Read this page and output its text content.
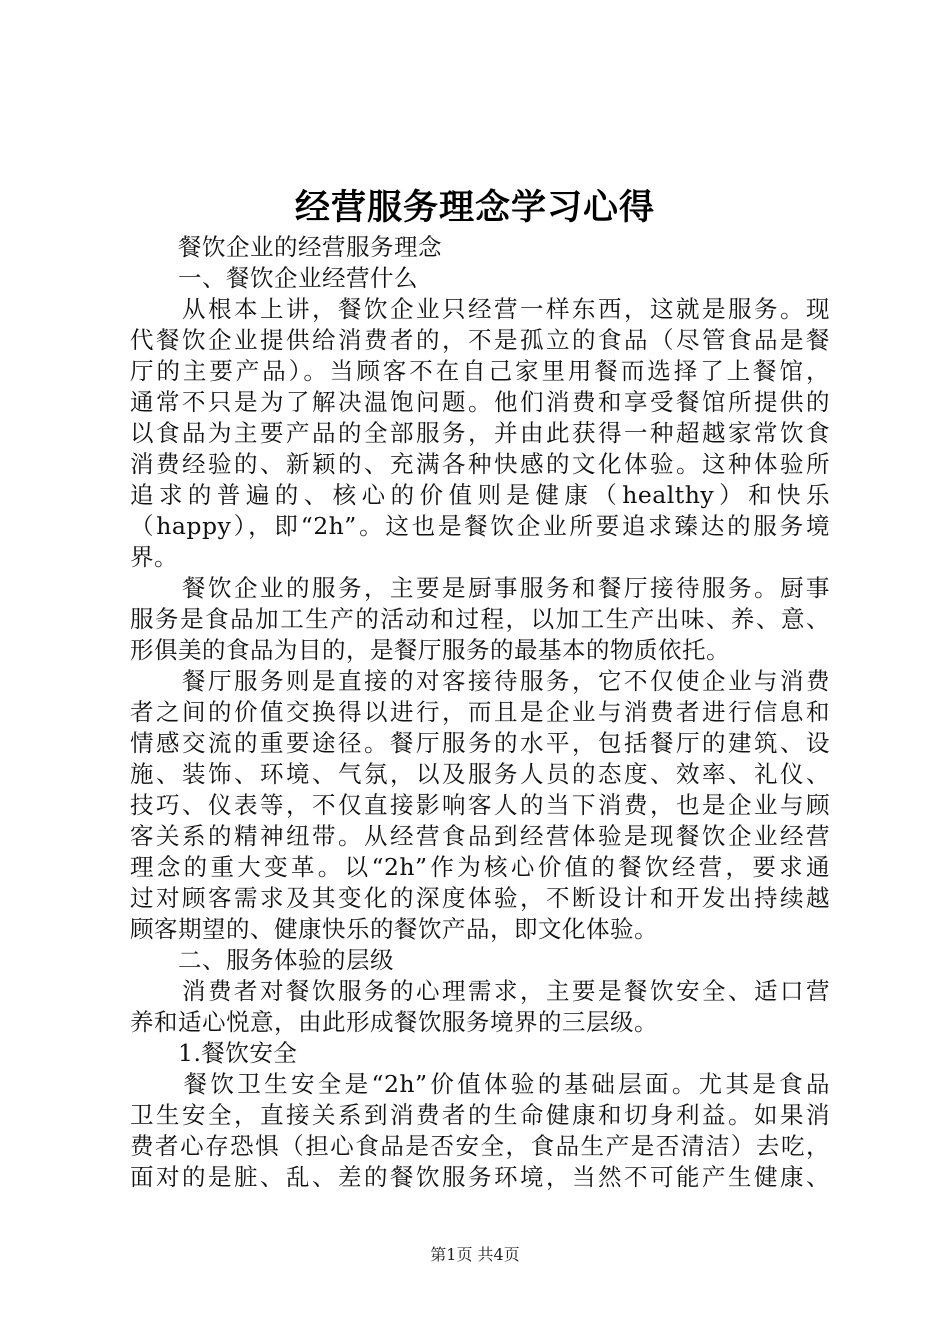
经营服务理念学习心得
　　餐饮企业的经营服务理念
　　一、餐饮企业经营什么
　　从根本上讲，餐饮企业只经营一样东西，这就是服务。现
代餐饮企业提供给消费者的，不是孤立的食品（尽管食品是餐
厅的主要产品）。当顾客不在自己家里用餐而选择了上餐馆，
通常不只是为了解决温饱问题。他们消费和享受餐馆所提供的
以食品为主要产品的全部服务，并由此获得一种超越家常饮食
消费经验的、新颖的、充满各种快感的文化体验。这种体验所
追求的普遍的、核心的价值则是健康（healthy）和快乐
（happy），即“2h”。这也是餐饮企业所要追求臻达的服务境
界。
　　餐饮企业的服务，主要是厨事服务和餐厅接待服务。厨事
服务是食品加工生产的活动和过程，以加工生产出味、养、意、
形俱美的食品为目的，是餐厅服务的最基本的物质依托。
　　餐厅服务则是直接的对客接待服务，它不仅使企业与消费
者之间的价值交换得以进行，而且是企业与消费者进行信息和
情感交流的重要途径。餐厅服务的水平，包括餐厅的建筑、设
施、装饰、环境、气氛，以及服务人员的态度、效率、礼仪、
技巧、仪表等，不仅直接影响客人的当下消费，也是企业与顾
客关系的精神纽带。从经营食品到经营体验是现餐饮企业经营
理念的重大变革。以“2h”作为核心价值的餐饮经营，要求通
过对顾客需求及其变化的深度体验，不断设计和开发出持续越
顾客期望的、健康快乐的餐饮产品，即文化体验。
　　二、服务体验的层级
　　消费者对餐饮服务的心理需求，主要是餐饮安全、适口营
养和适心悦意，由此形成餐饮服务境界的三层级。
　　1.餐饮安全
　　餐饮卫生安全是“2h”价值体验的基础层面。尤其是食品
卫生安全，直接关系到消费者的生命健康和切身利益。如果消
费者心存恐惧（担心食品是否安全，食品生产是否清洁）去吃，
面对的是脏、乱、差的餐饮服务环境，当然不可能产生健康、
第1页 共4页
